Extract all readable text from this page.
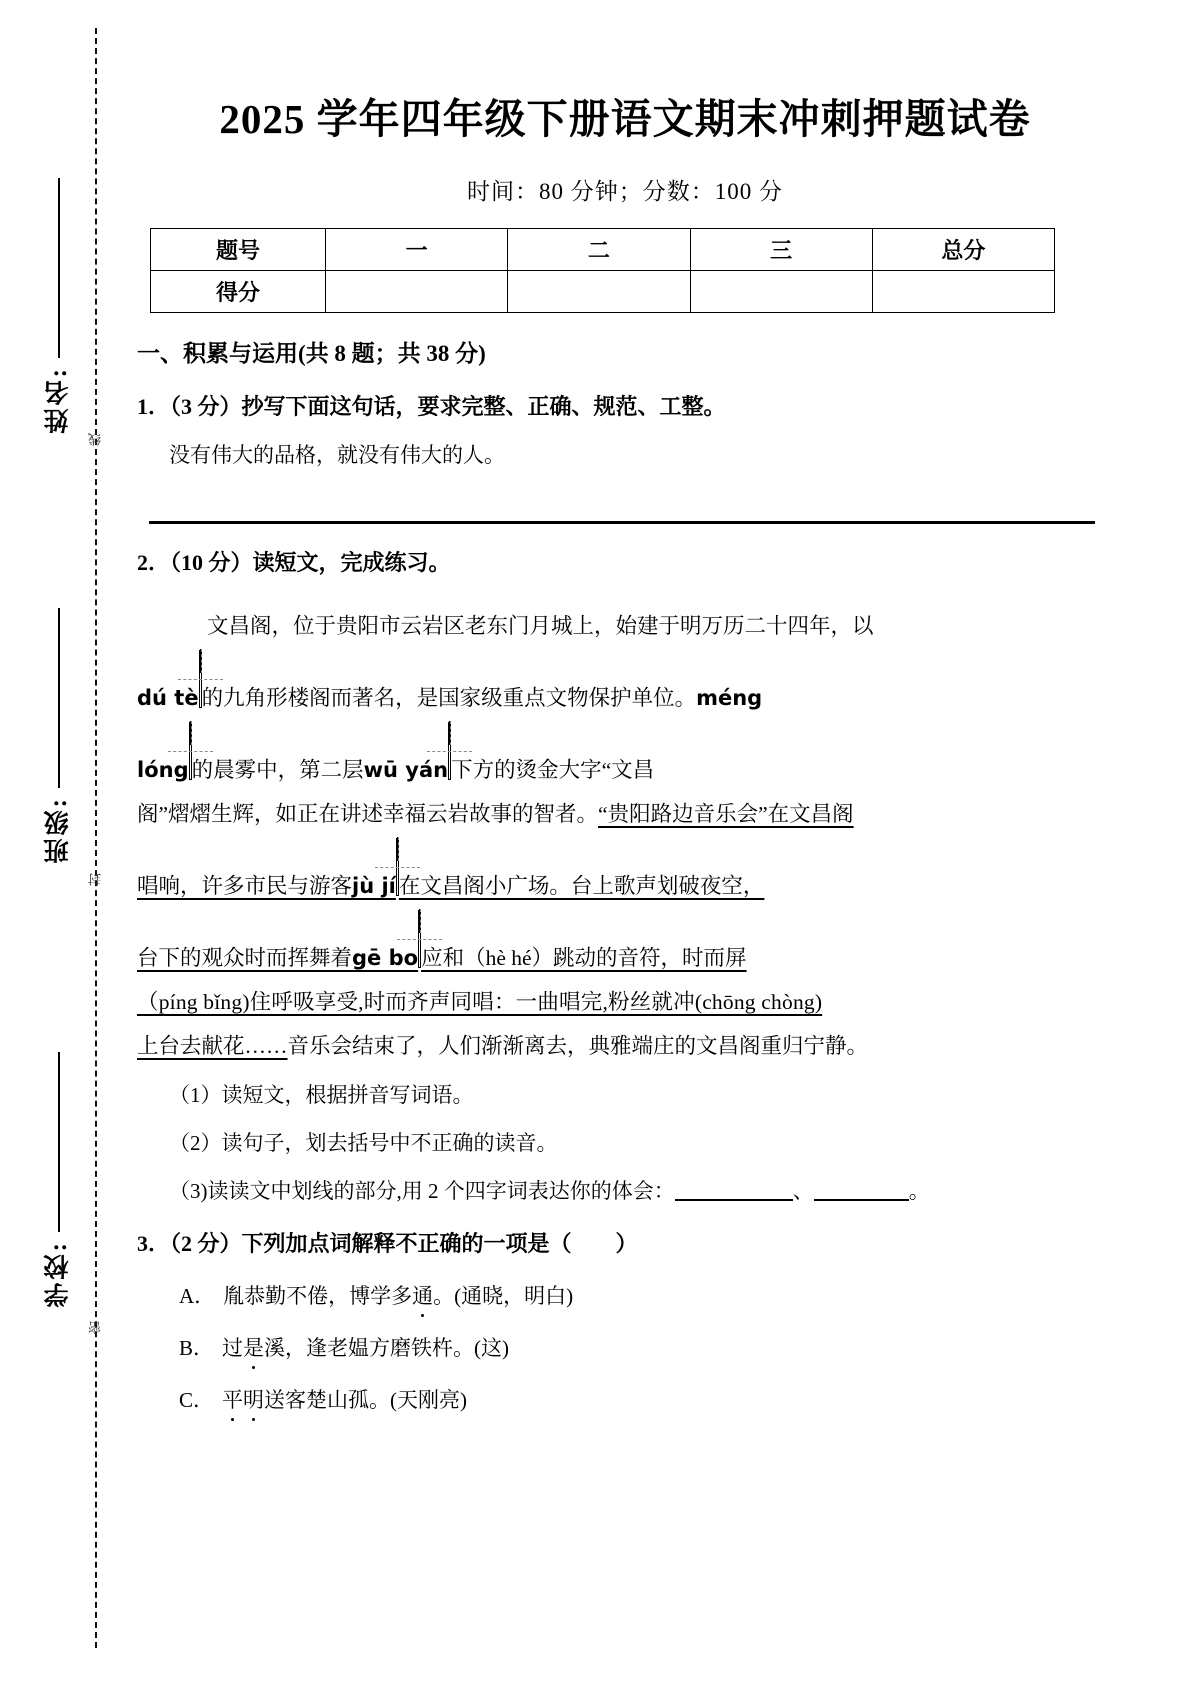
线
封
密
姓名:
班级:
学校:
2025 学年四年级下册语文期末冲刺押题试卷
时间：80 分钟；分数：100 分
题号	一	二	三	总分
得分				
一、积累与运用(共 8 题；共 38 分)
1．（3 分）抄写下面这句话，要求完整、正确、规范、工整。
没有伟大的品格，就没有伟大的人。
2．（10 分）读短文，完成练习。
文昌阁，位于贵阳市云岩区老东门月城上，始建于明万历二十四年，以
dú tè 的九角形楼阁而著名，是国家级重点文物保护单位。 méng
lóng 的晨雾中，第二层 wū yán 下方的烫金大字“文昌
阁”熠熠生辉，如正在讲述幸福云岩故事的智者。 “贵阳路边音乐会”在文昌阁
唱响，许多市民与游客 jù jí 在文昌阁小广场。台上歌声划破夜空，
台下的观众时而挥舞着 gē bo 应和（hè hé）跳动的音符，时而屏
（píng bǐng)住呼吸享受,时而齐声同唱：一曲唱完,粉丝就冲(chōng chòng)
上台去献花…… 音乐会结束了，人们渐渐离去，典雅端庄的文昌阁重归宁静。
（1）读短文，根据拼音写词语。
（2）读句子，划去括号中不正确的读音。
（3)读读文中划线的部分,用 2 个四字词表达你的体会：	、	。
3．（2 分）下列加点词解释不正确的一项是（　　）
A． 胤恭勤不倦，博学多通。(通晓，明白)
B． 过是溪，逢老媪方磨铁杵。(这)
C． 平明送客楚山孤。(天刚亮)
